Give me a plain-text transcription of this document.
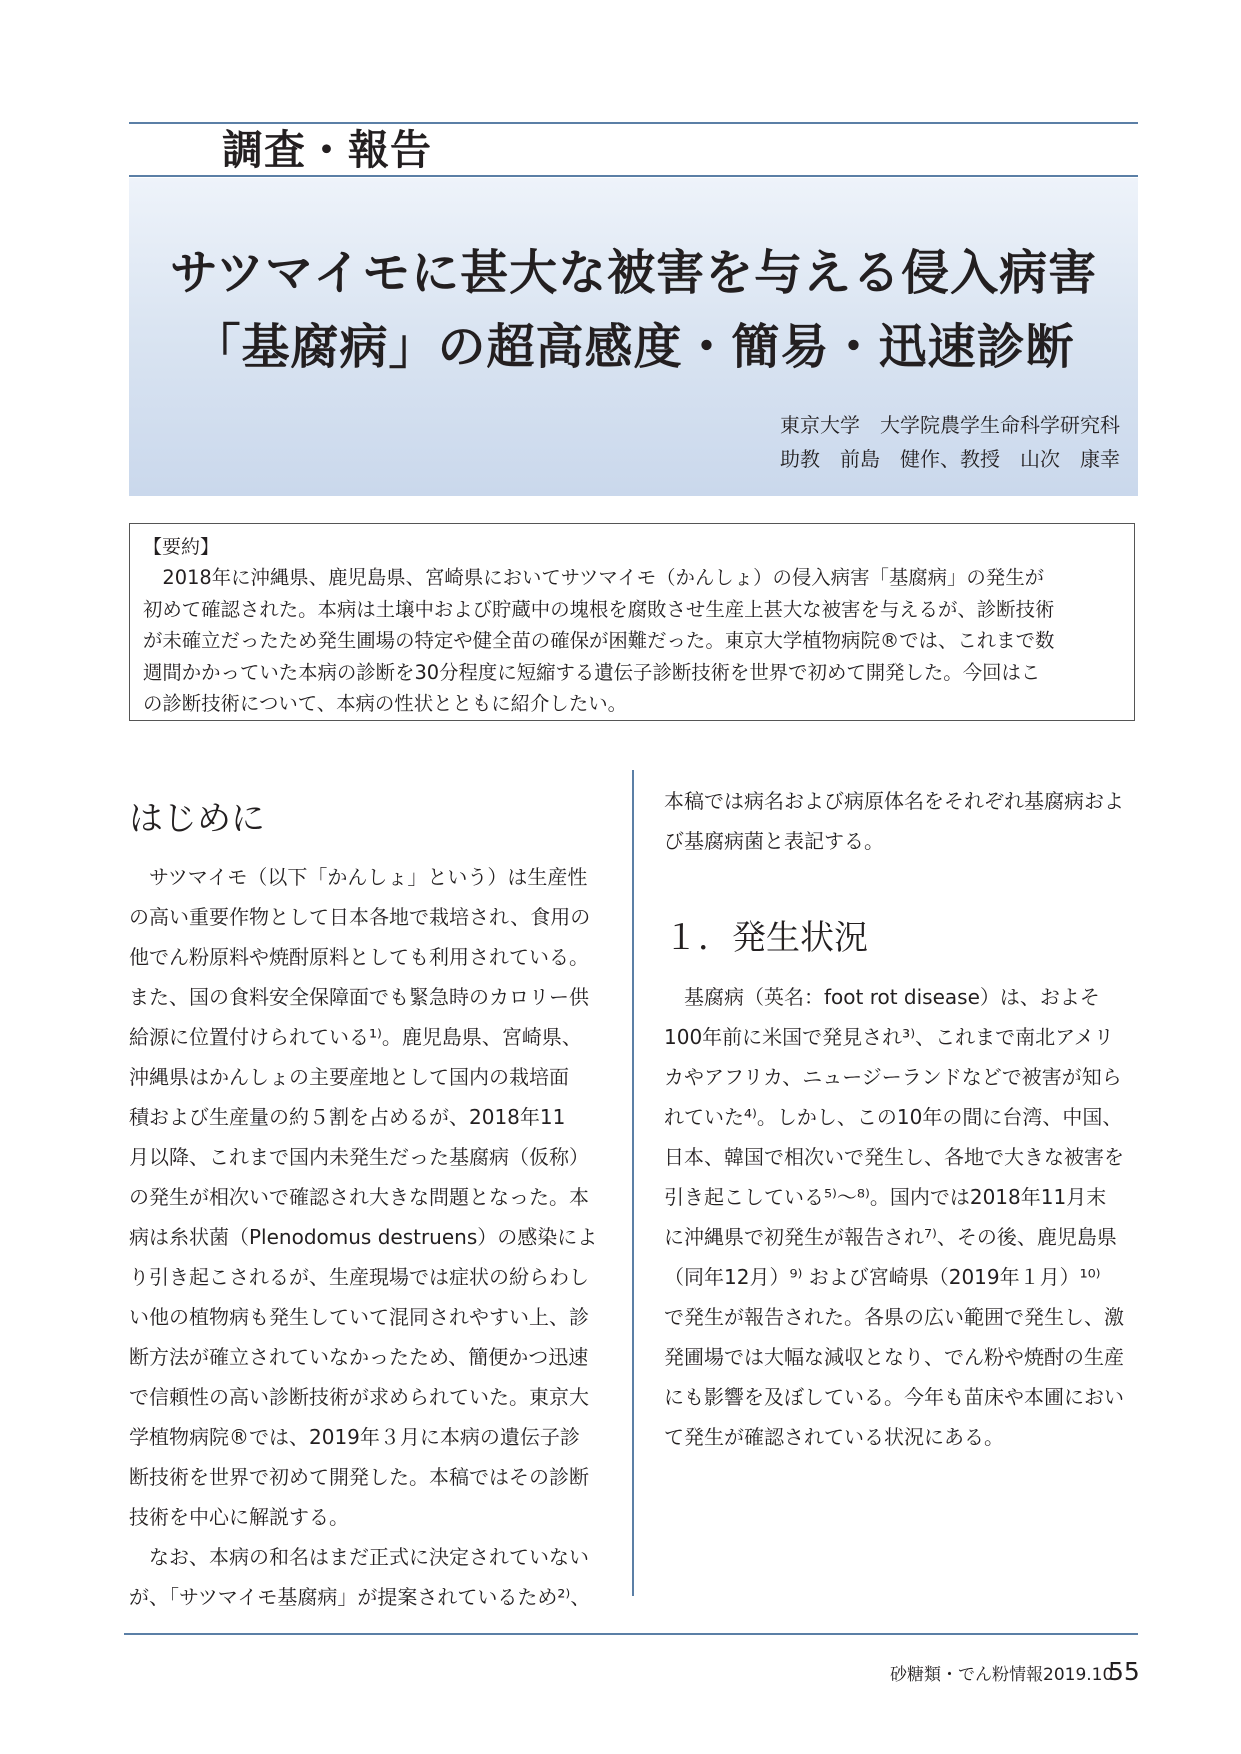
調査・報告
サツマイモに甚大な被害を与える侵入病害
「基腐病」の超高感度・簡易・迅速診断
東京大学　大学院農学生命科学研究科
助教　前島　健作、教授　山次　康幸
【要約】

　2018年に沖縄県、鹿児島県、宮崎県においてサツマイモ（かんしょ）の侵入病害「基腐病」の発生が

初めて確認された。本病は土壌中および貯蔵中の塊根を腐敗させ生産上甚大な被害を与えるが、診断技術

が未確立だったため発生圃場の特定や健全苗の確保が困難だった。東京大学植物病院®では、これまで数

週間かかっていた本病の診断を30分程度に短縮する遺伝子診断技術を世界で初めて開発した。今回はこ

の診断技術について、本病の性状とともに紹介したい。

はじめに
　サツマイモ（以下「かんしょ」という）は生産性
の高い重要作物として日本各地で栽培され、食用の
他でん粉原料や焼酎原料としても利用されている。
また、国の食料安全保障面でも緊急時のカロリー供
給源に位置付けられている¹⁾。鹿児島県、宮崎県、
沖縄県はかんしょの主要産地として国内の栽培面
積および生産量の約５割を占めるが、2018年11
月以降、これまで国内未発生だった基腐病（仮称）
の発生が相次いで確認され大きな問題となった。本
病は糸状菌（Plenodomus destruens）の感染によ
り引き起こされるが、生産現場では症状の紛らわし
い他の植物病も発生していて混同されやすい上、診
断方法が確立されていなかったため、簡便かつ迅速
で信頼性の高い診断技術が求められていた。東京大
学植物病院®では、2019年３月に本病の遺伝子診
断技術を世界で初めて開発した。本稿ではその診断
技術を中心に解説する。
　なお、本病の和名はまだ正式に決定されていない
が、「サツマイモ基腐病」が提案されているため²⁾、
本稿では病名および病原体名をそれぞれ基腐病およ
び基腐病菌と表記する。
１．発生状況
　基腐病（英名：foot rot disease）は、およそ
100年前に米国で発見され³⁾、これまで南北アメリ
カやアフリカ、ニュージーランドなどで被害が知ら
れていた⁴⁾。しかし、この10年の間に台湾、中国、
日本、韓国で相次いで発生し、各地で大きな被害を
引き起こしている⁵⁾～⁸⁾。国内では2018年11月末
に沖縄県で初発生が報告され⁷⁾、その後、鹿児島県
（同年12月）⁹⁾ および宮崎県（2019年１月）¹⁰⁾
で発生が報告された。各県の広い範囲で発生し、激
発圃場では大幅な減収となり、でん粉や焼酎の生産
にも影響を及ぼしている。今年も苗床や本圃におい
て発生が確認されている状況にある。
砂糖類・でん粉情報2019.10
55
